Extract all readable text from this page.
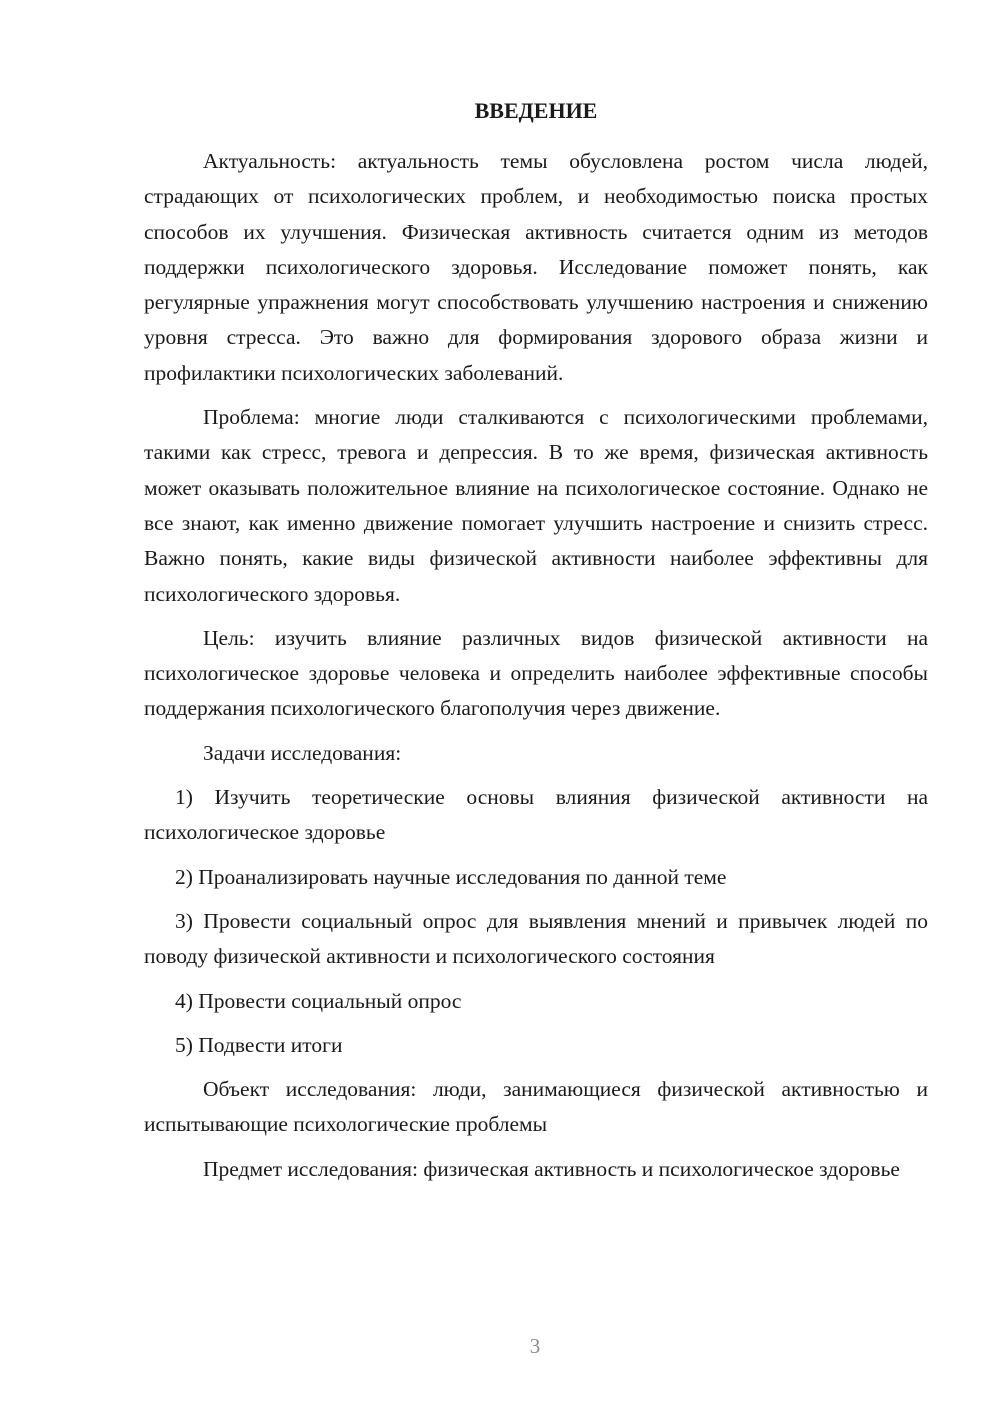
ВВЕДЕНИЕ

Актуальность: актуальность темы обусловлена ростом числа людей, страдающих от психологических проблем, и необходимостью поиска простых способов их улучшения. Физическая активность считается одним из методов поддержки психологического здоровья. Исследование поможет понять, как регулярные упражнения могут способствовать улучшению настроения и снижению уровня стресса. Это важно для формирования здорового образа жизни и профилактики психологических заболеваний.

Проблема: многие люди сталкиваются с психологическими проблемами, такими как стресс, тревога и депрессия. В то же время, физическая активность может оказывать положительное влияние на психологическое состояние. Однако не все знают, как именно движение помогает улучшить настроение и снизить стресс. Важно понять, какие виды физической активности наиболее эффективны для психологического здоровья.

Цель: изучить влияние различных видов физической активности на психологическое здоровье человека и определить наиболее эффективные способы поддержания психологического благополучия через движение.

Задачи исследования:

1) Изучить теоретические основы влияния физической активности на психологическое здоровье

2) Проанализировать научные исследования по данной теме

3) Провести социальный опрос для выявления мнений и привычек людей по поводу физической активности и психологического состояния

4) Провести социальный опрос

5) Подвести итоги

Объект исследования: люди, занимающиеся физической активностью и испытывающие психологические проблемы

Предмет исследования: физическая активность и психологическое здоровье

3
